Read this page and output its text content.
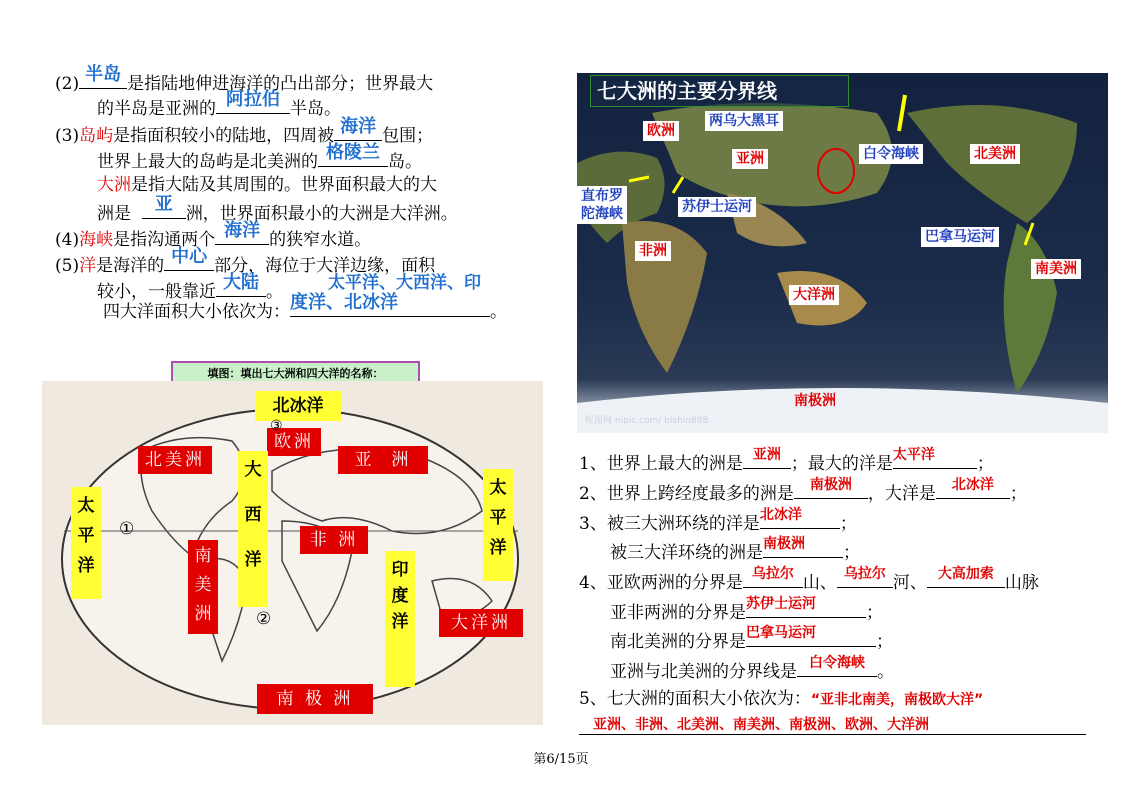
(2) 半岛 是指陆地伸进海洋的凸出部分；世界最大
的半岛是亚洲的 阿拉伯 半岛。
(3)岛屿是指面积较小的陆地，四周被 海洋 包围；
世界上最大的岛屿是北美洲的 格陵兰 岛。
大洲是指大陆及其周围的。世界面积最大的大
洲是	亚 洲，世界面积最小的大洲是大洋洲。
(4)海峡是指沟通两个 海洋 的狭窄水道。
(5)洋是海洋的 中心 部分，海位于大洋边缘，面积
较小，一般靠近 大陆 。	太平洋、大西洋、印
四大洋面积大小依次为： 度洋、北冰洋	。
填图：填出七大洲和四大洋的名称：
北冰洋
欧洲
北美洲	亚  洲
大

西

洋
太
平
洋
太
平
洋
①
③
②
非 洲
南
美
洲
印
度
洋	大洋洲
南 极 洲
七大洲的主要分界线
欧洲
两乌大黑耳
亚洲	白令海峡	北美洲
直布罗
陀海峡	苏伊士运河
非洲
巴拿马运河
南美洲
大洋洲
南极洲
昵图网 nipic.com/ bishin888
1、世界上最大的洲是 亚洲 ；最大的洋是 太平洋	；
2、世界上跨经度最多的洲是	南极洲 ，大洋是	北冰洋 ；
3、被三大洲环绕的洋是 北冰洋	；
被三大洋环绕的洲是 南极洲	；
4、亚欧两洲的分界是 乌拉尔 山、 乌拉尔 河、 大高加索 山脉
亚非两洲的分界是 苏伊士运河	；
南北美洲的分界是 巴拿马运河	；
亚洲与北美洲的分界线是 白令海峡 。
5、七大洲的面积大小依次为：“亚非北南美，南极欧大洋”
亚洲、非洲、北美洲、南美洲、南极洲、欧洲、大洋洲
第6/15页
